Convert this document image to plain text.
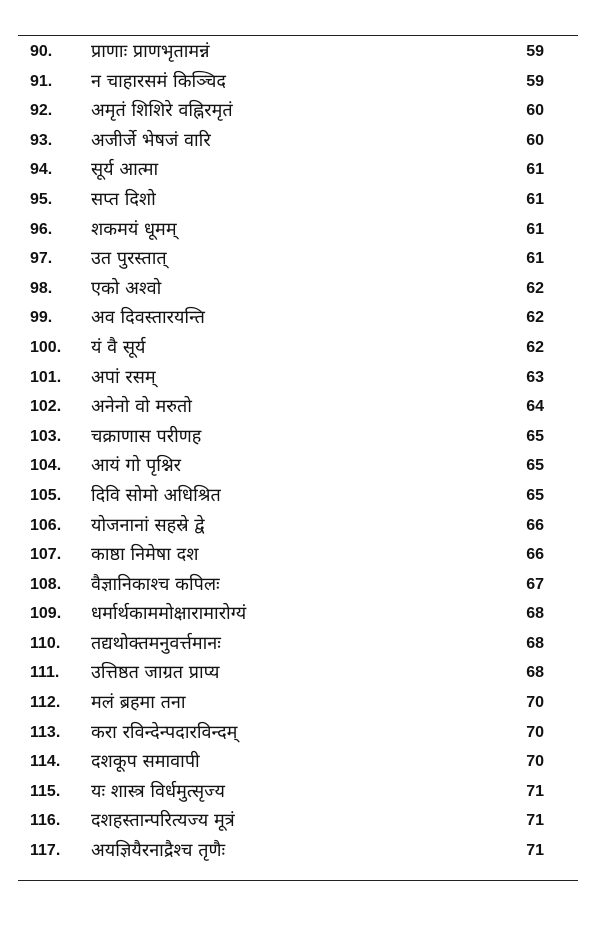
90. प्राणाः प्राणभृतामन्नं	59
91. न चाहारसमं किञ्चिद	59
92. अमृतं शिशिरे वह्निरमृतं	60
93. अजीर्जे भेषजं वारि	60
94. सूर्य आत्मा	61
95. सप्त दिशो	61
96. शकमयं धूमम्	61
97. उत पुरस्तात्	61
98. एको अश्वो	62
99. अव दिवस्तारयन्ति	62
100. यं वै सूर्य	62
101. अपां रसम्	63
102. अनेनो वो मरुतो	64
103. चक्राणास परीणह	65
104. आयं गो पृश्निर	65
105. दिवि सोमो अधिश्रित	65
106. योजनानां सहस्रे द्वे	66
107. काष्ठा निमेषा दश	66
108. वैज्ञानिकाश्च कपिलः	67
109. धर्मार्थकाममोक्षारामारोग्यं	68
110. तद्यथोक्तमनुवर्त्तमानः	68
111. उत्तिष्ठत जाग्रत प्राप्य	68
112. मलं ब्रहमा तना	70
113. करा रविन्देन्पदारविन्दम्	70
114. दशकूप समावापी	70
115. यः शास्त्र विर्धमुत्सृज्य	71
116. दशहस्तान्परित्यज्य मूत्रं	71
117. अयज्ञियैरनाद्रैश्च तृणैः	71
